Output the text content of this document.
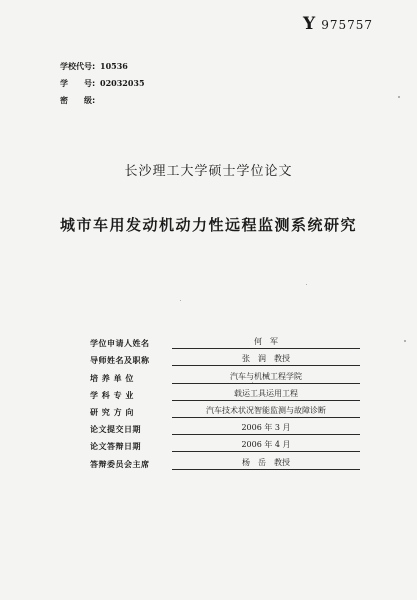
Y 975757
学校代号: 10536
学　　号: 02032035
密　　级:
长沙理工大学硕士学位论文
城市车用发动机动力性远程监测系统研究
学位申请人姓名	何　军
导师姓名及职称	张　润　教授
培 养 单 位	汽车与机械工程学院
学 科 专 业	载运工具运用工程
研 究 方 向	汽车技术状况智能监测与故障诊断
论文提交日期	2006 年 3 月
论文答辩日期	2006 年 4 月
答辩委员会主席	杨　岳　教授
